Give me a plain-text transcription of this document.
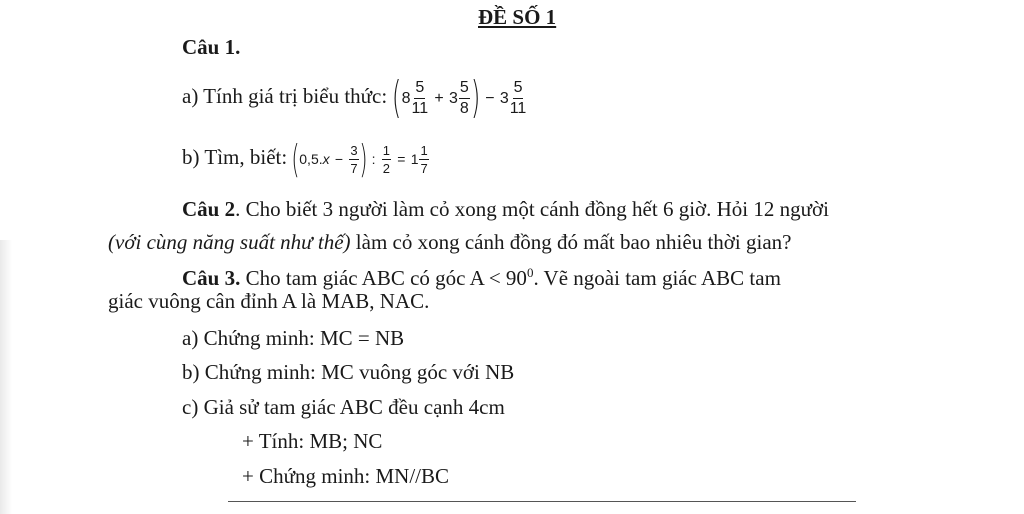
ĐỀ SỐ 1
Câu 1.
a) Tính giá trị biểu thức: ($8 \frac{5}{11} + 3 \frac{5}{8}$ ) − $3 \frac{5}{11}$
b) Tìm, biết: ($0,5.x - \frac{3}{7}$ ) : $\frac{1}{2} = 1 \frac{1}{7}$
Câu 2. Cho biết 3 người làm cỏ xong một cánh đồng hết 6 giờ. Hỏi 12 người
(với cùng năng suất như thế) làm cỏ xong cánh đồng đó mất bao nhiêu thời gian?
Câu 3. Cho tam giác ABC có góc $A < 90^0$. Vẽ ngoài tam giác ABC tam
giác vuông cân đỉnh A là MAB, NAC.
a) Chứng minh: MC = NB
b) Chứng minh: MC vuông góc với NB
c) Giả sử tam giác ABC đều cạnh 4cm
+ Tính: MB; NC
+ Chứng minh: MN//BC
